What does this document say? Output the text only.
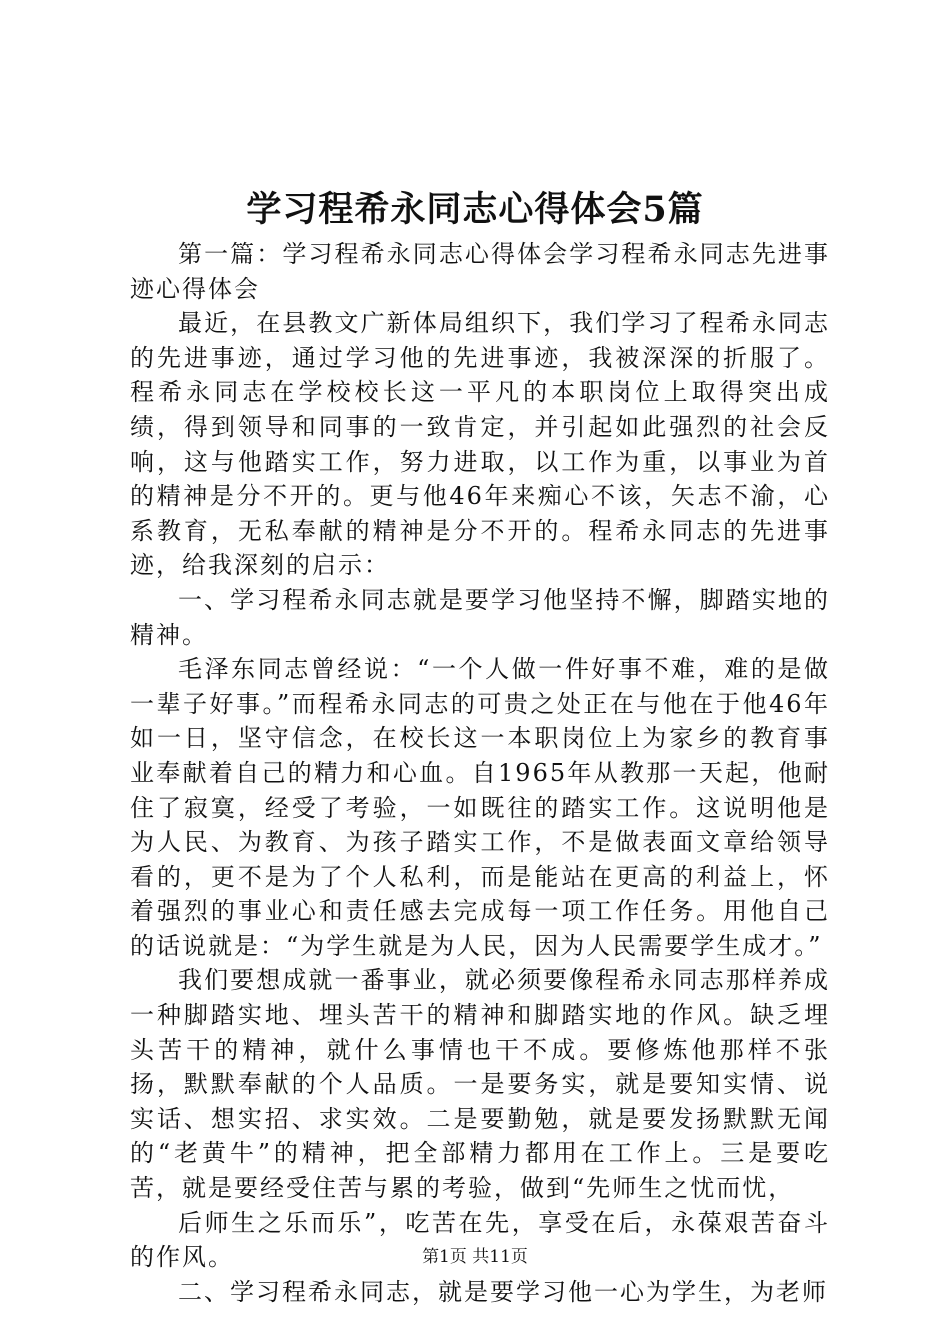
学习程希永同志心得体会5篇

第一篇：学习程希永同志心得体会学习程希永同志先进事迹心得体会

最近，在县教文广新体局组织下，我们学习了程希永同志的先进事迹，通过学习他的先进事迹，我被深深的折服了。程希永同志在学校校长这一平凡的本职岗位上取得突出成绩，得到领导和同事的一致肯定，并引起如此强烈的社会反响，这与他踏实工作，努力进取，以工作为重，以事业为首的精神是分不开的。更与他46年来痴心不该，矢志不渝，心系教育，无私奉献的精神是分不开的。程希永同志的先进事迹，给我深刻的启示：

一、学习程希永同志就是要学习他坚持不懈，脚踏实地的精神。

毛泽东同志曾经说：“一个人做一件好事不难，难的是做一辈子好事。”而程希永同志的可贵之处正在与他在于他46年如一日，坚守信念，在校长这一本职岗位上为家乡的教育事业奉献着自己的精力和心血。自1965年从教那一天起，他耐住了寂寞，经受了考验，一如既往的踏实工作。这说明他是为人民、为教育、为孩子踏实工作，不是做表面文章给领导看的，更不是为了个人私利，而是能站在更高的利益上，怀着强烈的事业心和责任感去完成每一项工作任务。用他自己的话说就是：“为学生就是为人民，因为人民需要学生成才。”

我们要想成就一番事业，就必须要像程希永同志那样养成一种脚踏实地、埋头苦干的精神和脚踏实地的作风。缺乏埋头苦干的精神，就什么事情也干不成。要修炼他那样不张扬，默默奉献的个人品质。一是要务实，就是要知实情、说实话、想实招、求实效。二是要勤勉，就是要发扬默默无闻的“老黄牛”的精神，把全部精力都用在工作上。三是要吃苦，就是要经受住苦与累的考验，做到“先师生之忧而忧，

后师生之乐而乐”，吃苦在先，享受在后，永葆艰苦奋斗的作风。

二、学习程希永同志，就是要学习他一心为学生，为老师

第1页 共11页
